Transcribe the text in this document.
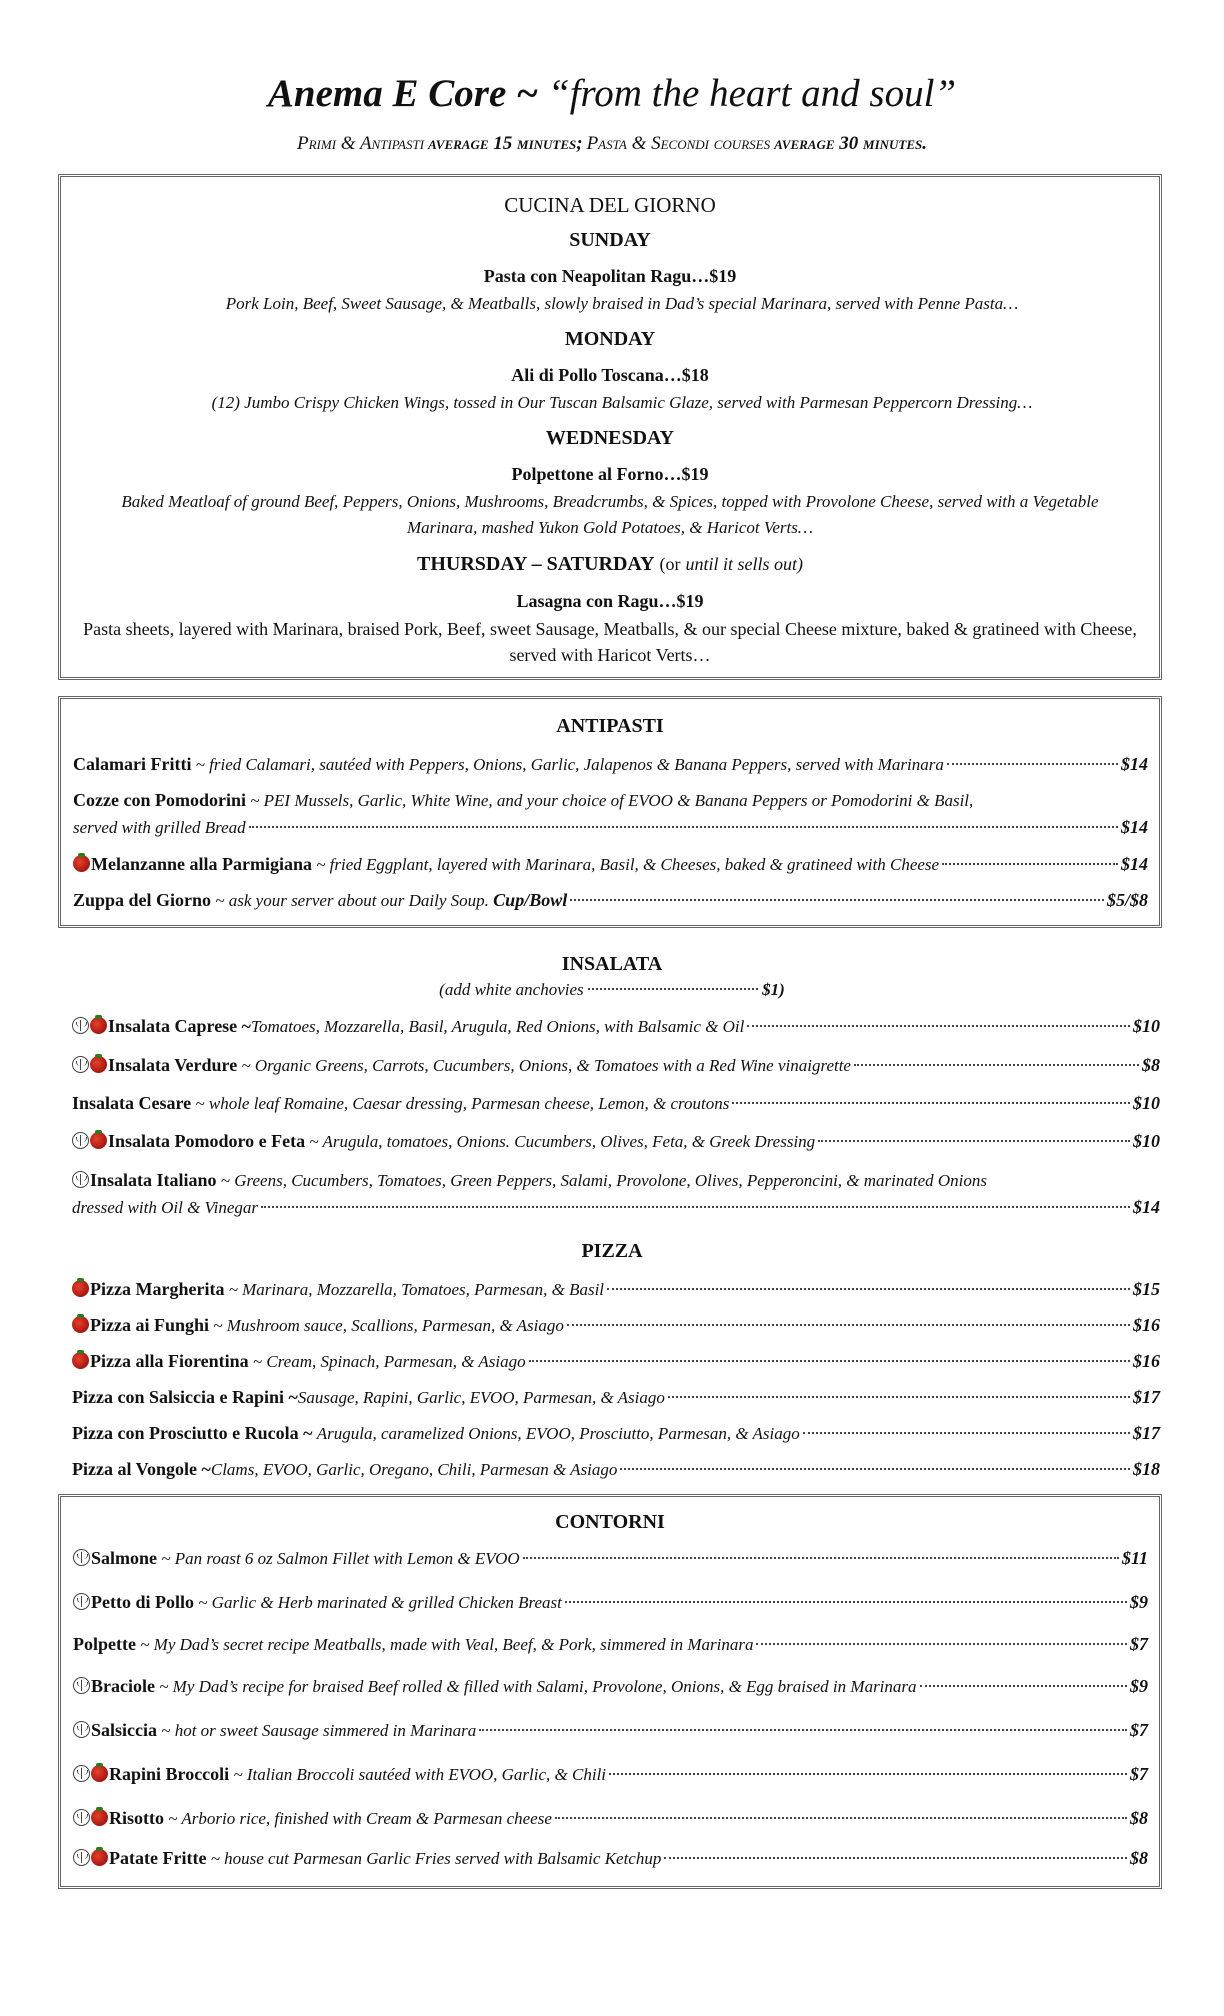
Anema E Core ~ “from the heart and soul”
Primi & Antipasti average 15 minutes; Pasta & Secondi courses average 30 minutes.
CUCINA DEL GIORNO
SUNDAY
Pasta con Neapolitan Ragu…$19
Pork Loin, Beef, Sweet Sausage, & Meatballs, slowly braised in Dad’s special Marinara, served with Penne Pasta…
MONDAY
Ali di Pollo Toscana…$18
(12) Jumbo Crispy Chicken Wings, tossed in Our Tuscan Balsamic Glaze, served with Parmesan Peppercorn Dressing…
WEDNESDAY
Polpettone al Forno…$19
Baked Meatloaf of ground Beef, Peppers, Onions, Mushrooms, Breadcrumbs, & Spices, topped with Provolone Cheese, served with a Vegetable Marinara, mashed Yukon Gold Potatoes, & Haricot Verts…
THURSDAY – SATURDAY (or until it sells out)
Lasagna con Ragu…$19
Pasta sheets, layered with Marinara, braised Pork, Beef, sweet Sausage, Meatballs, & our special Cheese mixture, baked & gratineed with Cheese, served with Haricot Verts…
ANTIPASTI
Calamari Fritti ~ fried Calamari, sautéed with Peppers, Onions, Garlic, Jalapenos & Banana Peppers, served with Marinara	$14
Cozze con Pomodorini ~ PEI Mussels, Garlic, White Wine, and your choice of EVOO & Banana Peppers or Pomodorini & Basil,
served with grilled Bread	$14
Melanzanne alla Parmigiana ~ fried Eggplant, layered with Marinara, Basil, & Cheeses, baked & gratineed with Cheese	$14
Zuppa del Giorno ~ ask your server about our Daily Soup. Cup/Bowl	$5/$8
INSALATA
(add white anchovies	$1)
Insalata Caprese ~Tomatoes, Mozzarella, Basil, Arugula, Red Onions, with Balsamic & Oil	$10
Insalata Verdure ~ Organic Greens, Carrots, Cucumbers, Onions, & Tomatoes with a Red Wine vinaigrette	$8
Insalata Cesare ~ whole leaf Romaine, Caesar dressing, Parmesan cheese, Lemon, & croutons	$10
Insalata Pomodoro e Feta ~ Arugula, tomatoes, Onions. Cucumbers, Olives, Feta, & Greek Dressing	$10
Insalata Italiano ~ Greens, Cucumbers, Tomatoes, Green Peppers, Salami, Provolone, Olives, Pepperoncini, & marinated Onions
dressed with Oil & Vinegar	$14
PIZZA
Pizza Margherita ~ Marinara, Mozzarella, Tomatoes, Parmesan, & Basil	$15
Pizza ai Funghi ~ Mushroom sauce, Scallions, Parmesan, & Asiago	$16
Pizza alla Fiorentina ~ Cream, Spinach, Parmesan, & Asiago	$16
Pizza con Salsiccia e Rapini ~Sausage, Rapini, Garlic, EVOO, Parmesan, & Asiago	$17
Pizza con Prosciutto e Rucola ~ Arugula, caramelized Onions, EVOO, Prosciutto, Parmesan, & Asiago	$17
Pizza al Vongole ~Clams, EVOO, Garlic, Oregano, Chili, Parmesan & Asiago	$18
CONTORNI
Salmone ~ Pan roast 6 oz Salmon Fillet with Lemon & EVOO	$11
Petto di Pollo ~ Garlic & Herb marinated & grilled Chicken Breast	$9
Polpette ~ My Dad’s secret recipe Meatballs, made with Veal, Beef, & Pork, simmered in Marinara	$7
Braciole ~ My Dad’s recipe for braised Beef rolled & filled with Salami, Provolone, Onions, & Egg braised in Marinara	$9
Salsiccia ~ hot or sweet Sausage simmered in Marinara	$7
Rapini Broccoli ~ Italian Broccoli sautéed with EVOO, Garlic, & Chili	$7
Risotto ~ Arborio rice, finished with Cream & Parmesan cheese	$8
Patate Fritte ~ house cut Parmesan Garlic Fries served with Balsamic Ketchup	$8
